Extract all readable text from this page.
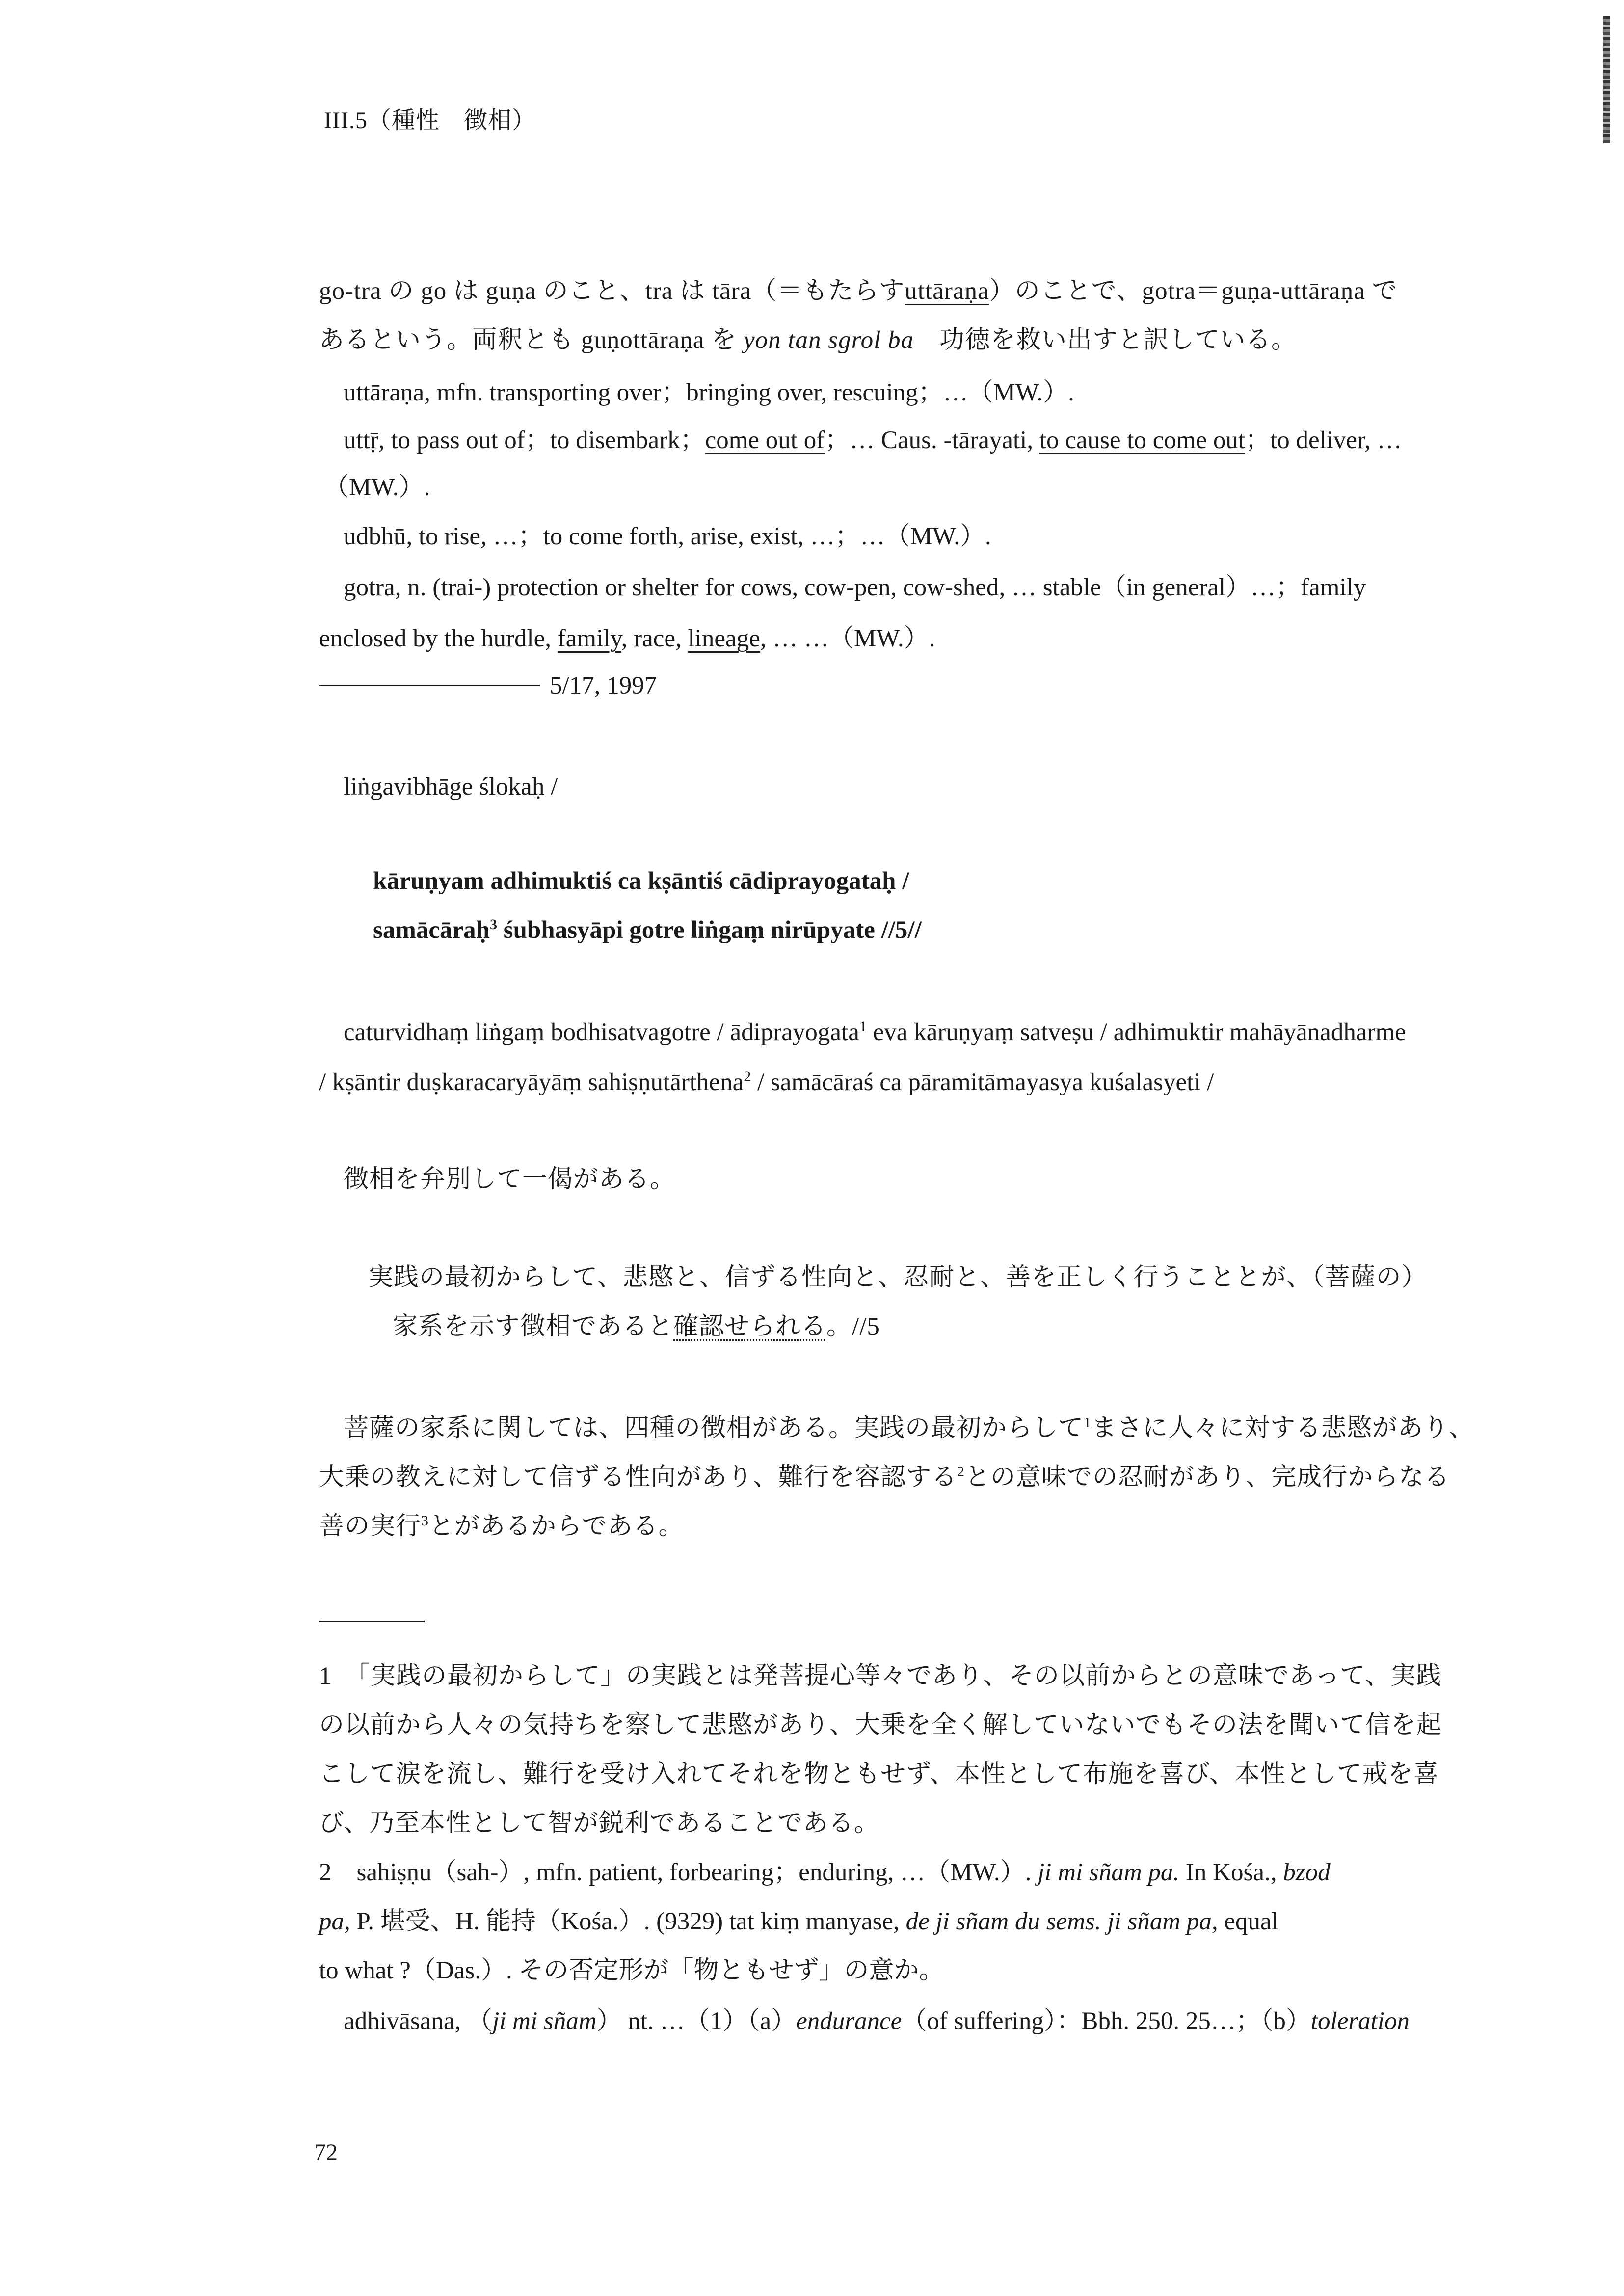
III.5（種性　徴相）
go-tra の go は guṇa のこと、tra は tāra（＝もたらすuttāraṇa）のことで、gotra＝guṇa-uttāraṇa で
あるという。両釈とも guṇottāraṇa を yon tan sgrol ba　功徳を救い出すと訳している。
uttāraṇa, mfn. transporting over；bringing over, rescuing；…（MW.）.
uttṝ, to pass out of；to disembark；come out of；… Caus. -tārayati, to cause to come out；to deliver, …
（MW.）.
udbhū, to rise, …；to come forth, arise, exist, …；…（MW.）.
gotra, n. (trai-) protection or shelter for cows, cow-pen, cow-shed, … stable（in general）…；family
enclosed by the hurdle, family, race, lineage, … …（MW.）.
5/17, 1997
liṅgavibhāge ślokaḥ /
kāruṇyam adhimuktiś ca kṣāntiś cādiprayogataḥ /
samācāraḥ$^3$ śubhasyāpi gotre liṅgaṃ nirūpyate //5//
caturvidhaṃ liṅgaṃ bodhisatvagotre / ādiprayogata$^1$ eva kāruṇyaṃ satveṣu / adhimuktir mahāyānadharme
/ kṣāntir duṣkaracaryāyāṃ sahiṣṇutārthena$^2$ / samācāraś ca pāramitāmayasya kuśalasyeti /
徴相を弁別して一偈がある。
実践の最初からして、悲愍と、信ずる性向と、忍耐と、善を正しく行うこととが、（菩薩の）
家系を示す徴相であると確認せられる。//5
菩薩の家系に関しては、四種の徴相がある。実践の最初からして$^1$まさに人々に対する悲愍があり、
大乗の教えに対して信ずる性向があり、難行を容認する$^2$との意味での忍耐があり、完成行からなる
善の実行$^3$とがあるからである。
1　「実践の最初からして」の実践とは発菩提心等々であり、その以前からとの意味であって、実践
の以前から人々の気持ちを察して悲愍があり、大乗を全く解していないでもその法を聞いて信を起
こして涙を流し、難行を受け入れてそれを物ともせず、本性として布施を喜び、本性として戒を喜
び、乃至本性として智が鋭利であることである。
2　sahiṣṇu（sah-）, mfn. patient, forbearing；enduring, …（MW.）. ji mi sñam pa. In Kośa., bzod
pa, P. 堪受、H. 能持（Kośa.）. (9329) tat kiṃ manyase, de ji sñam du sems. ji sñam pa, equal
to what ?（Das.）. その否定形が「物ともせず」の意か。
adhivāsana, （ji mi sñam） nt. …（1）（a）endurance（of suffering）：Bbh. 250. 25…；（b）toleration
72
